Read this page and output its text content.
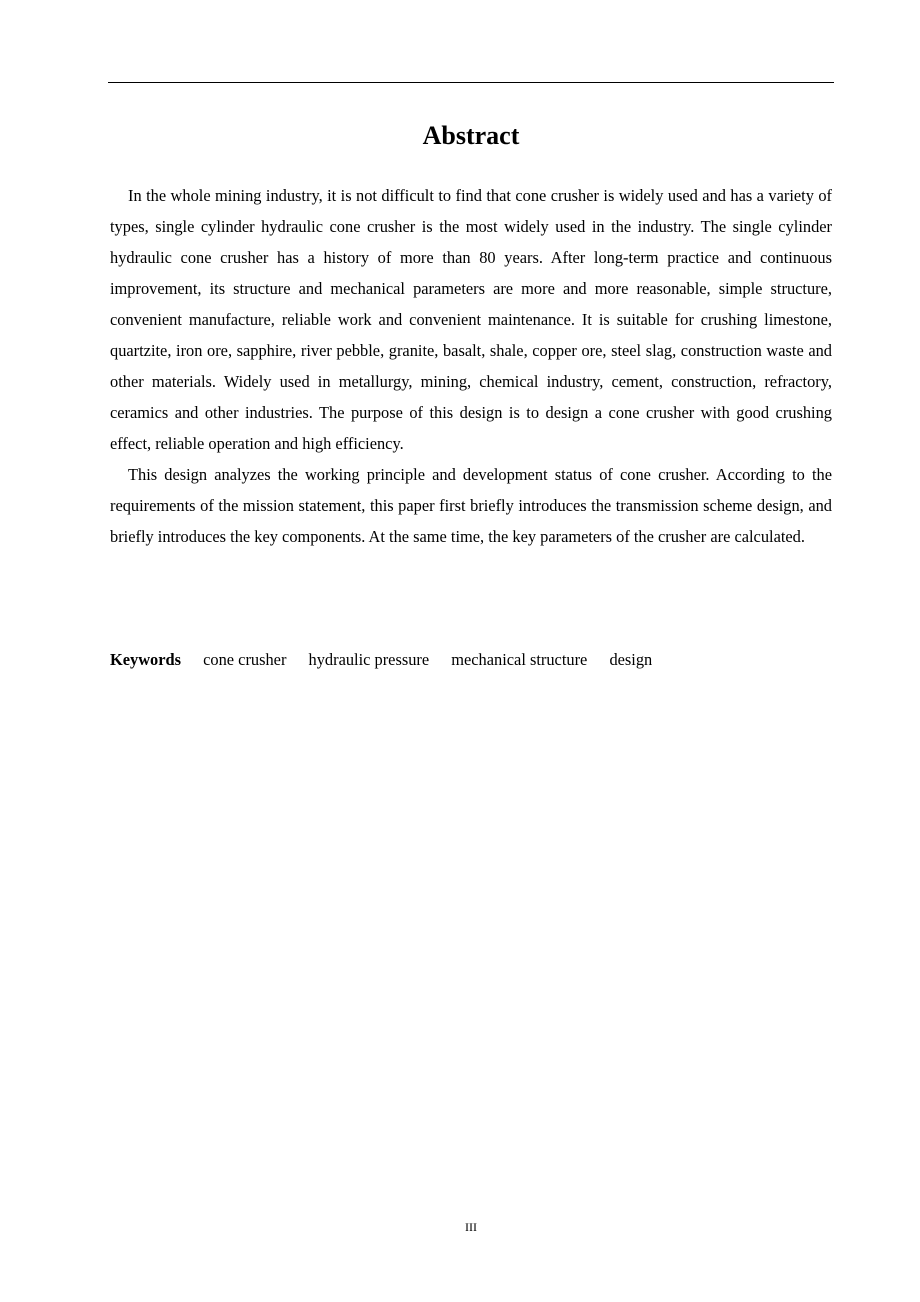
Abstract

In the whole mining industry, it is not difficult to find that cone crusher is widely used and has a variety of types, single cylinder hydraulic cone crusher is the most widely used in the industry. The single cylinder hydraulic cone crusher has a history of more than 80 years. After long-term practice and continuous improvement, its structure and mechanical parameters are more and more reasonable, simple structure, convenient manufacture, reliable work and convenient maintenance. It is suitable for crushing limestone, quartzite, iron ore, sapphire, river pebble, granite, basalt, shale, copper ore, steel slag, construction waste and other materials. Widely used in metallurgy, mining, chemical industry, cement, construction, refractory, ceramics and other industries. The purpose of this design is to design a cone crusher with good crushing effect, reliable operation and high efficiency.

This design analyzes the working principle and development status of cone crusher. According to the requirements of the mission statement, this paper first briefly introduces the transmission scheme design, and briefly introduces the key components. At the same time, the key parameters of the crusher are calculated.

Keywords cone crusher hydraulic pressure mechanical structure design
III
